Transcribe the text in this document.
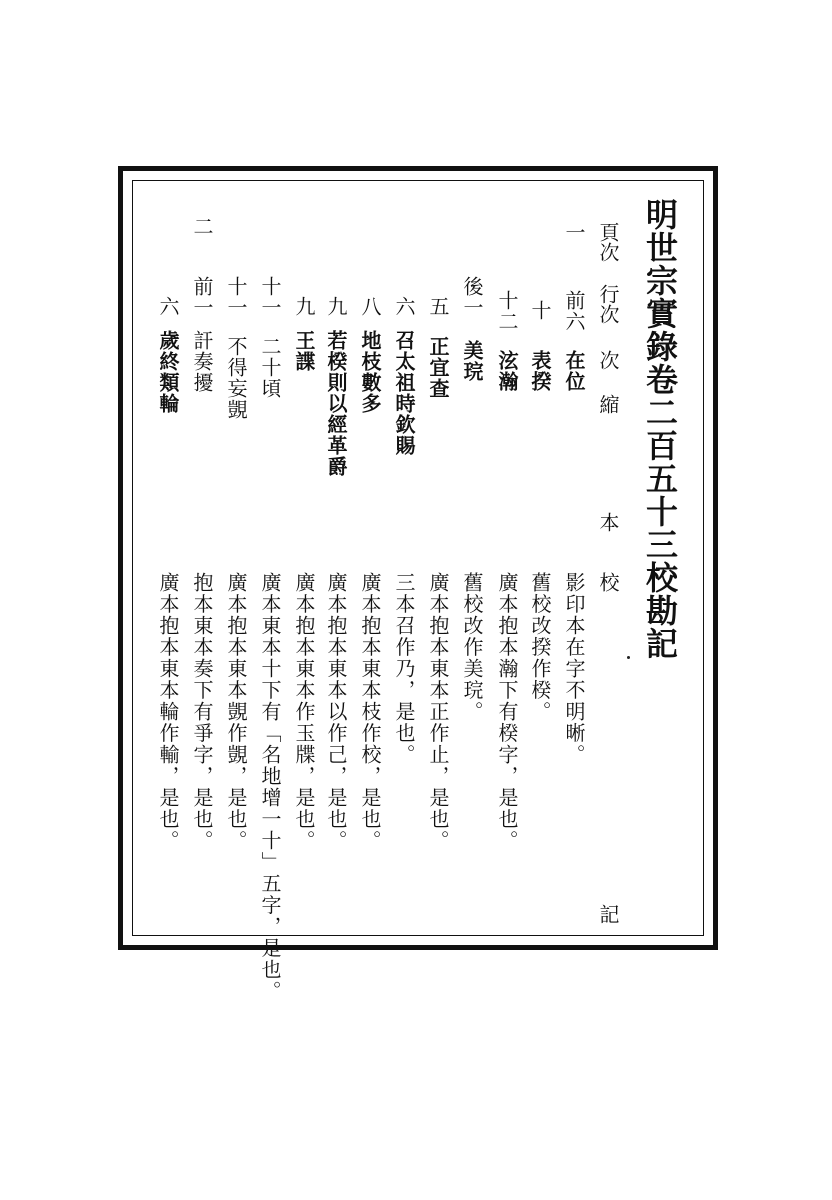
明世宗實錄卷二百五十三校勘記
頁次
行次
次 縮
本
校
記
一
前六
在位
影印本在字不明晰。
十
表揆
舊校改揆作楑。
十二
泫瀚
廣本抱本瀚下有楑字，是也。
後一
美琓
舊校改作美琓。
五
正宜查
廣本抱本東本正作止，是也。
六
召太祖時欽賜
三本召作乃，是也。
八
地枝數多
廣本抱本東本枝作校，是也。
九
若楑則以經革爵
廣本抱本東本以作己，是也。
九
王諜
廣本抱本東本作玉牒，是也。
十一
二十頃
廣本東本十下有「名地增一十」五字，是也。
十一
不得妄覬
廣本抱本東本覬作覬，是也。
二
前一
訐奏擾
抱本東本奏下有爭字，是也。
六
歲終類輪
廣本抱本東本輪作輸，是也。
